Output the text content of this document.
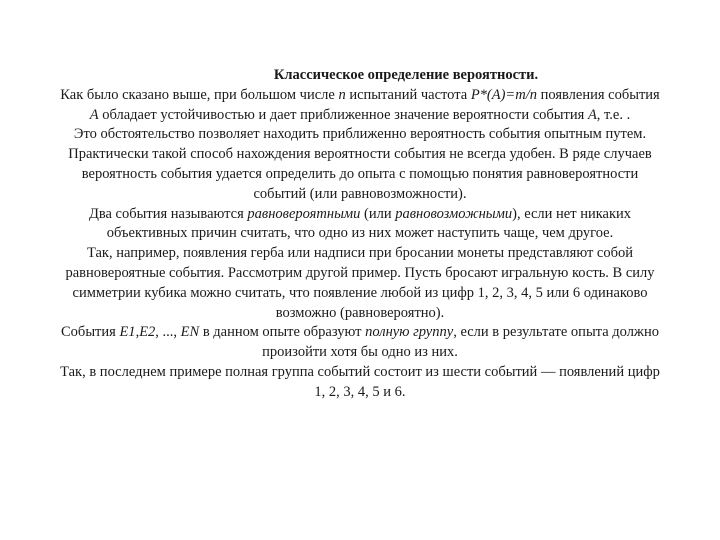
Классическое определение вероятности.

Как было сказано выше, при большом числе n испытаний частота P*(A)=m/n появления события A обладает устойчивостью и дает приближенное значение вероятности события A, т.е. .

Это обстоятельство позволяет находить приближенно вероятность события опытным путем. Практически такой способ нахождения вероятности события не всегда удобен. В ряде случаев вероятность события удается определить до опыта с помощью понятия равновероятности событий (или равновозможности).

Два события называются равновероятными (или равновозможными), если нет никаких объективных причин считать, что одно из них может наступить чаще, чем другое.

Так, например, появления герба или надписи при бросании монеты представляют собой равновероятные события. Рассмотрим другой пример. Пусть бросают игральную кость. В силу симметрии кубика можно считать, что появление любой из цифр 1, 2, 3, 4, 5 или 6 одинаково возможно (равновероятно).

События E1,E2, ..., EN в данном опыте образуют полную группу, если в результате опыта должно произойти хотя бы одно из них.

Так, в последнем примере полная группа событий состоит из шести событий — появлений цифр 1, 2, 3, 4, 5 и 6.
